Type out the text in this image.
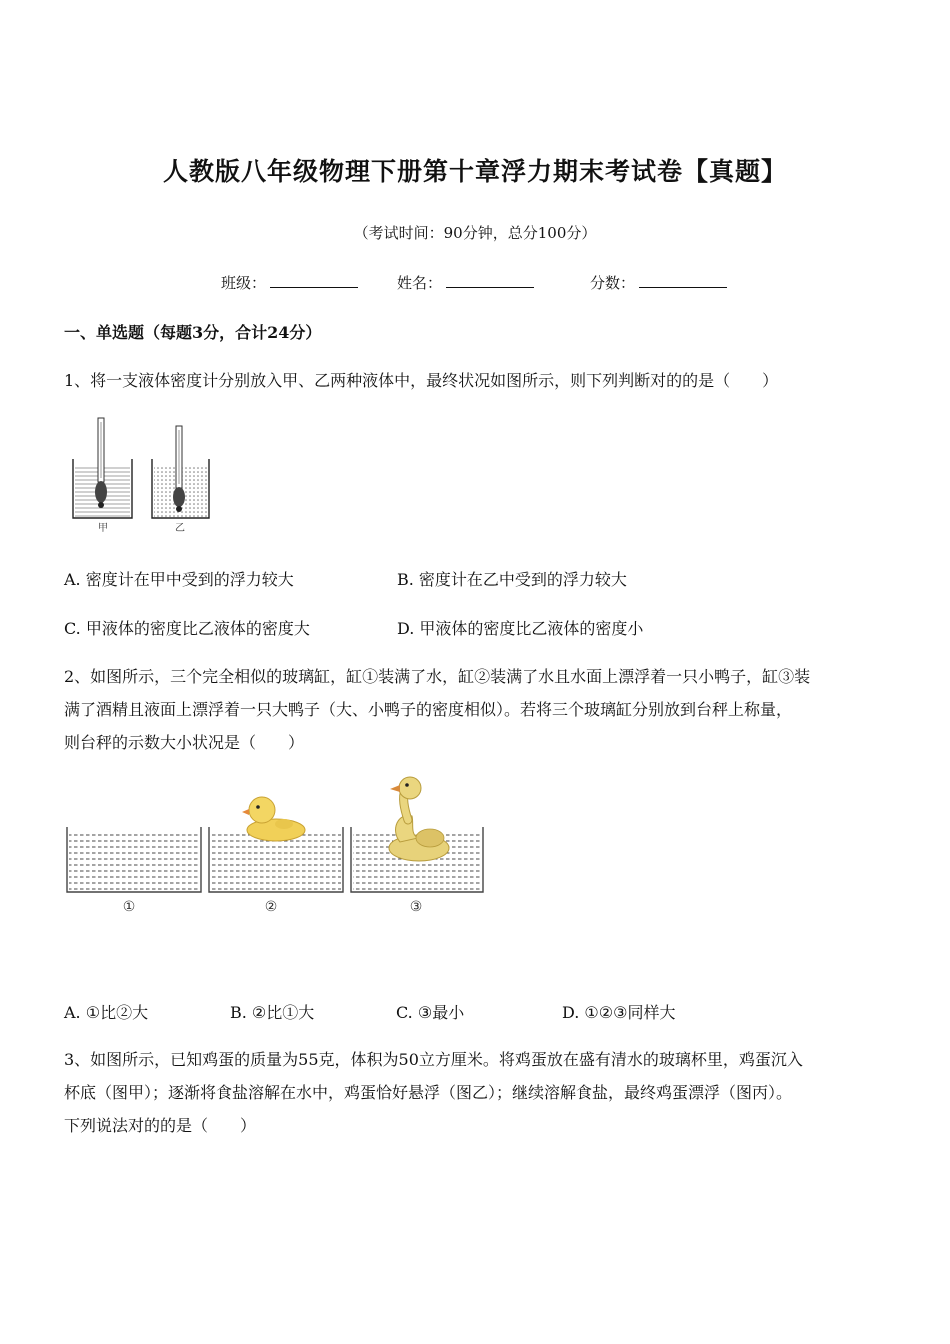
人教版八年级物理下册第十章浮力期末考试卷【真题】
（考试时间：90分钟，总分100分）
班级：	姓名：	分数：
一、单选题（每题3分，合计24分）
1、将一支液体密度计分别放入甲、乙两种液体中，最终状况如图所示，则下列判断对的的是（　　）
甲	乙
A. 密度计在甲中受到的浮力较大	B. 密度计在乙中受到的浮力较大
C. 甲液体的密度比乙液体的密度大	D. 甲液体的密度比乙液体的密度小
2、如图所示，三个完全相似的玻璃缸，缸①装满了水，缸②装满了水且水面上漂浮着一只小鸭子，缸③装
满了酒精且液面上漂浮着一只大鸭子（大、小鸭子的密度相似）。若将三个玻璃缸分别放到台秤上称量，
则台秤的示数大小状况是（　　）
①	②	③
A. ①比②大	B. ②比①大	C. ③最小	D. ①②③同样大
3、如图所示，已知鸡蛋的质量为55克，体积为50立方厘米。将鸡蛋放在盛有清水的玻璃杯里，鸡蛋沉入
杯底（图甲）；逐渐将食盐溶解在水中，鸡蛋恰好悬浮（图乙）；继续溶解食盐，最终鸡蛋漂浮（图丙）。
下列说法对的的是（　　）
